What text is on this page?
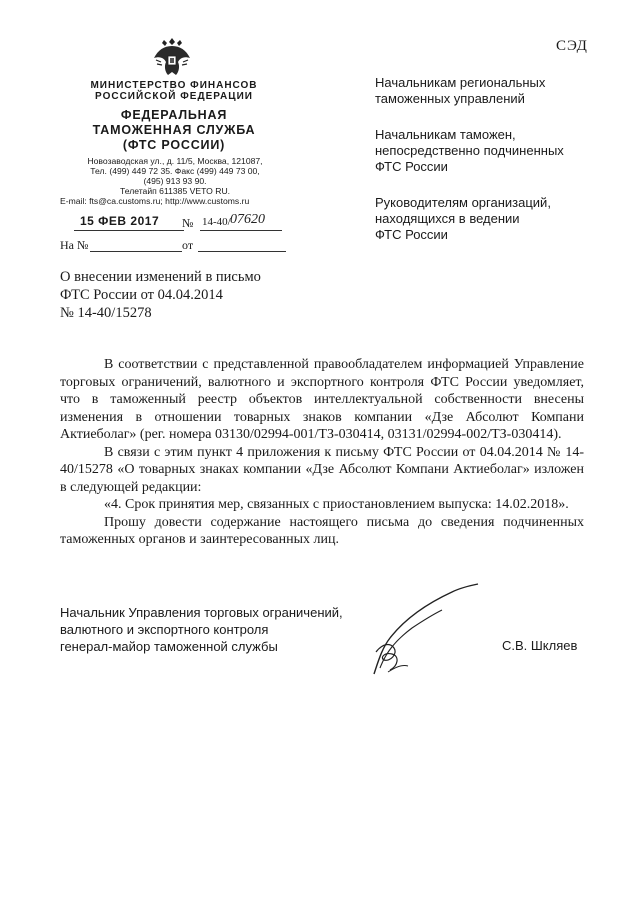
СЭД
МИНИСТЕРСТВО ФИНАНСОВ
РОССИЙСКОЙ ФЕДЕРАЦИИ
ФЕДЕРАЛЬНАЯ
ТАМОЖЕННАЯ СЛУЖБА
(ФТС РОССИИ)
Новозаводская ул., д. 11/5, Москва, 121087,
Тел. (499) 449 72 35. Факс (499) 449 73 00,
(495) 913 93 90.
Телетайп 611385 VETO RU.
E-mail: fts@ca.customs.ru; http://www.customs.ru
15 ФЕВ 2017 № 14-40/ 07620
На №	от
Начальникам региональных
таможенных управлений
Начальникам таможен,
непосредственно подчиненных
ФТС России
Руководителям организаций,
находящихся в ведении
ФТС России
О внесении изменений в письмо
ФТС России от 04.04.2014
№ 14-40/15278

В соответствии с представленной правообладателем информацией Управление торговых ограничений, валютного и экспортного контроля ФТС России уведомляет, что в таможенный реестр объектов интеллектуальной собственности внесены изменения в отношении товарных знаков компании «Дзе Абсолют Компани Актиеболаг» (рег. номера 03130/02994-001/ТЗ-030414, 03131/02994-002/ТЗ-030414).

В связи с этим пункт 4 приложения к письму ФТС России от 04.04.2014 № 14-40/15278 «О товарных знаках компании «Дзе Абсолют Компани Актиеболаг» изложен в следующей редакции:

«4. Срок принятия мер, связанных с приостановлением выпуска: 14.02.2018».

Прошу довести содержание настоящего письма до сведения подчиненных таможенных органов и заинтересованных лиц.

Начальник Управления торговых ограничений,
валютного и экспортного контроля
генерал-майор таможенной службы	С.В. Шкляев
